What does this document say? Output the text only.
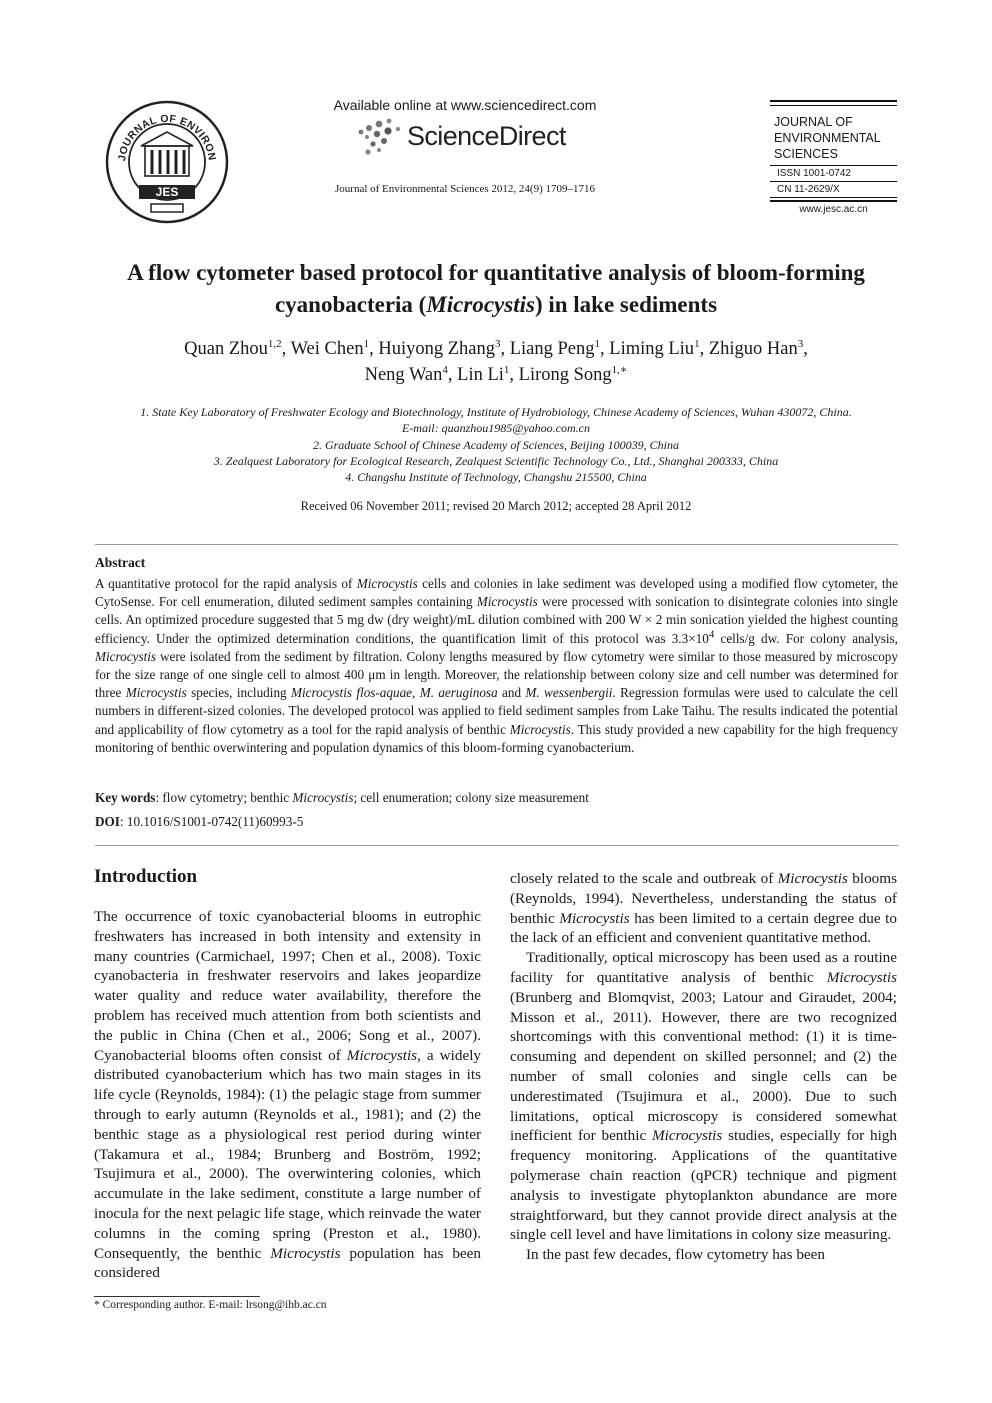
JOURNAL OF ENVIRON
JES
Available online at www.sciencedirect.com
ScienceDirect
Journal of Environmental Sciences 2012, 24(9) 1709–1716
JOURNAL OF
ENVIRONMENTAL
SCIENCES
ISSN 1001-0742
CN 11-2629/X
www.jesc.ac.cn
A flow cytometer based protocol for quantitative analysis of bloom-forming
cyanobacteria (Microcystis) in lake sediments
Quan Zhou$^{1,2}$, Wei Chen$^1$, Huiyong Zhang$^3$, Liang Peng$^1$, Liming Liu$^1$, Zhiguo Han$^3$,
Neng Wan$^4$, Lin Li$^1$, Lirong Song$^{1,∗}$
1. State Key Laboratory of Freshwater Ecology and Biotechnology, Institute of Hydrobiology, Chinese Academy of Sciences, Wuhan 430072, China.
E-mail: quanzhou1985@yahoo.com.cn
2. Graduate School of Chinese Academy of Sciences, Beijing 100039, China
3. Zealquest Laboratory for Ecological Research, Zealquest Scientific Technology Co., Ltd., Shanghai 200333, China
4. Changshu Institute of Technology, Changshu 215500, China
Received 06 November 2011; revised 20 March 2012; accepted 28 April 2012
Abstract
A quantitative protocol for the rapid analysis of Microcystis cells and colonies in lake sediment was developed using a modified flow cytometer, the CytoSense. For cell enumeration, diluted sediment samples containing Microcystis were processed with sonication to disintegrate colonies into single cells. An optimized procedure suggested that 5 mg dw (dry weight)/mL dilution combined with 200 W × 2 min sonication yielded the highest counting efficiency. Under the optimized determination conditions, the quantification limit of this protocol was $3.3\times 10^4$ cells/g dw. For colony analysis, Microcystis were isolated from the sediment by filtration. Colony lengths measured by flow cytometry were similar to those measured by microscopy for the size range of one single cell to almost 400 μm in length. Moreover, the relationship between colony size and cell number was determined for three Microcystis species, including Microcystis flos-aquae, M. aeruginosa and M. wessenbergii. Regression formulas were used to calculate the cell numbers in different-sized colonies. The developed protocol was applied to field sediment samples from Lake Taihu. The results indicated the potential and applicability of flow cytometry as a tool for the rapid analysis of benthic Microcystis. This study provided a new capability for the high frequency monitoring of benthic overwintering and population dynamics of this bloom-forming cyanobacterium.
Key words: flow cytometry; benthic Microcystis; cell enumeration; colony size measurement
DOI: 10.1016/S1001-0742(11)60993-5
Introduction

The occurrence of toxic cyanobacterial blooms in eutrophic freshwaters has increased in both intensity and extensity in many countries (Carmichael, 1997; Chen et al., 2008). Toxic cyanobacteria in freshwater reservoirs and lakes jeopardize water quality and reduce water availability, therefore the problem has received much attention from both scientists and the public in China (Chen et al., 2006; Song et al., 2007). Cyanobacterial blooms often consist of Microcystis, a widely distributed cyanobacterium which has two main stages in its life cycle (Reynolds, 1984): (1) the pelagic stage from summer through to early autumn (Reynolds et al., 1981); and (2) the benthic stage as a physiological rest period during winter (Takamura et al., 1984; Brunberg and Boström, 1992; Tsujimura et al., 2000). The overwintering colonies, which accumulate in the lake sediment, constitute a large number of inocula for the next pelagic life stage, which reinvade the water columns in the coming spring (Preston et al., 1980). Consequently, the benthic Microcystis population has been considered

closely related to the scale and outbreak of Microcystis blooms (Reynolds, 1994). Nevertheless, understanding the status of benthic Microcystis has been limited to a certain degree due to the lack of an efficient and convenient quantitative method.

Traditionally, optical microscopy has been used as a routine facility for quantitative analysis of benthic Microcystis (Brunberg and Blomqvist, 2003; Latour and Giraudet, 2004; Misson et al., 2011). However, there are two recognized shortcomings with this conventional method: (1) it is time-consuming and dependent on skilled personnel; and (2) the number of small colonies and single cells can be underestimated (Tsujimura et al., 2000). Due to such limitations, optical microscopy is considered somewhat inefficient for benthic Microcystis studies, especially for high frequency monitoring. Applications of the quantitative polymerase chain reaction (qPCR) technique and pigment analysis to investigate phytoplankton abundance are more straightforward, but they cannot provide direct analysis at the single cell level and have limitations in colony size measuring.

In the past few decades, flow cytometry has been

* Corresponding author. E-mail: lrsong@ihb.ac.cn
